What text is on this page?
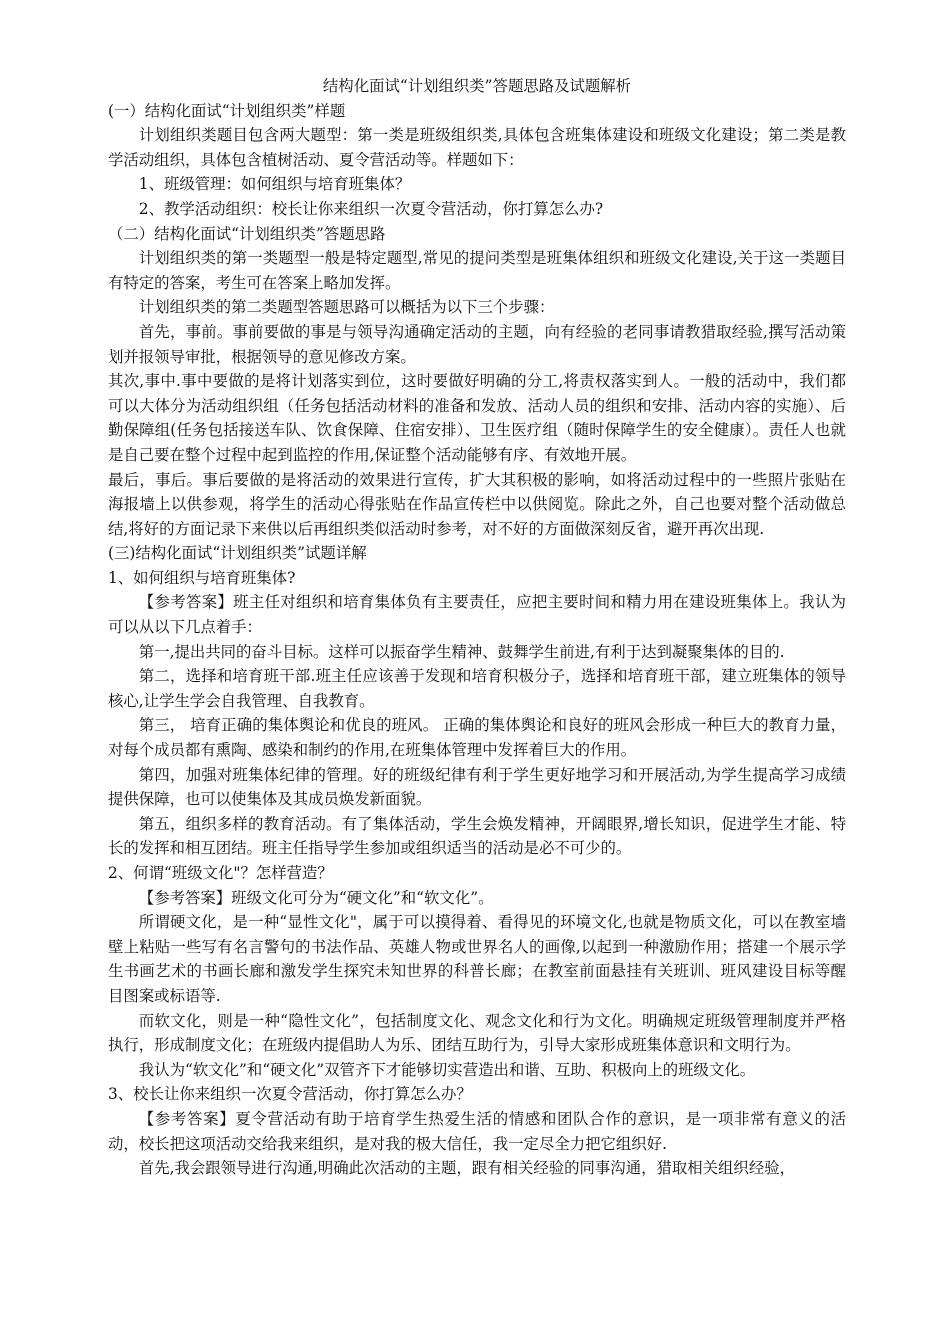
结构化面试“计划组织类”答题思路及试题解析

(一）结构化面试“计划组织类”样题

计划组织类题目包含两大题型：第一类是班级组织类,具体包含班集体建设和班级文化建设；第二类是教学活动组织，具体包含植树活动、夏令营活动等。样题如下：

1、班级管理：如何组织与培育班集体？

2、教学活动组织：校长让你来组织一次夏令营活动，你打算怎么办?

（二）结构化面试“计划组织类”答题思路

计划组织类的第一类题型一般是特定题型,常见的提问类型是班集体组织和班级文化建设,关于这一类题目有特定的答案，考生可在答案上略加发挥。

计划组织类的第二类题型答题思路可以概括为以下三个步骤：

首先，事前。事前要做的事是与领导沟通确定活动的主题，向有经验的老同事请教猎取经验,撰写活动策划并报领导审批，根据领导的意见修改方案。

其次,事中.事中要做的是将计划落实到位，这时要做好明确的分工,将责权落实到人。一般的活动中，我们都可以大体分为活动组织组（任务包括活动材料的准备和发放、活动人员的组织和安排、活动内容的实施）、后勤保障组(任务包括接送车队、饮食保障、住宿安排）、卫生医疗组（随时保障学生的安全健康）。责任人也就是自己要在整个过程中起到监控的作用,保证整个活动能够有序、有效地开展。

最后，事后。事后要做的是将活动的效果进行宣传，扩大其积极的影响，如将活动过程中的一些照片张贴在海报墙上以供参观，将学生的活动心得张贴在作品宣传栏中以供阅览。除此之外，自己也要对整个活动做总结,将好的方面记录下来供以后再组织类似活动时参考，对不好的方面做深刻反省，避开再次出现.

(三)结构化面试“计划组织类”试题详解

1、如何组织与培育班集体?

【参考答案】班主任对组织和培育集体负有主要责任，应把主要时间和精力用在建设班集体上。我认为可以从以下几点着手：

第一,提出共同的奋斗目标。这样可以振奋学生精神、鼓舞学生前进,有利于达到凝聚集体的目的.

第二，选择和培育班干部.班主任应该善于发现和培育积极分子，选择和培育班干部，建立班集体的领导核心,让学生学会自我管理、自我教育。

第三， 培育正确的集体舆论和优良的班风。 正确的集体舆论和良好的班风会形成一种巨大的教育力量，对每个成员都有熏陶、感染和制约的作用,在班集体管理中发挥着巨大的作用。

第四，加强对班集体纪律的管理。好的班级纪律有利于学生更好地学习和开展活动,为学生提高学习成绩提供保障，也可以使集体及其成员焕发新面貌。

第五，组织多样的教育活动。有了集体活动，学生会焕发精神，开阔眼界,增长知识，促进学生才能、特长的发挥和相互团结。班主任指导学生参加或组织适当的活动是必不可少的。

2、何谓“班级文化"？怎样营造？

【参考答案】班级文化可分为“硬文化”和“软文化”。

所谓硬文化，是一种“显性文化"，属于可以摸得着、看得见的环境文化,也就是物质文化，可以在教室墙壁上粘贴一些写有名言警句的书法作品、英雄人物或世界名人的画像,以起到一种激励作用；搭建一个展示学生书画艺术的书画长廊和激发学生探究未知世界的科普长廊；在教室前面悬挂有关班训、班风建设目标等醒目图案或标语等.

而软文化，则是一种“隐性文化”，包括制度文化、观念文化和行为文化。明确规定班级管理制度并严格执行，形成制度文化；在班级内提倡助人为乐、团结互助行为，引导大家形成班集体意识和文明行为。

我认为“软文化”和“硬文化”双管齐下才能够切实营造出和谐、互助、积极向上的班级文化。

3、校长让你来组织一次夏令营活动，你打算怎么办？

【参考答案】夏令营活动有助于培育学生热爱生活的情感和团队合作的意识，是一项非常有意义的活动，校长把这项活动交给我来组织，是对我的极大信任，我一定尽全力把它组织好.

首先,我会跟领导进行沟通,明确此次活动的主题，跟有相关经验的同事沟通，猎取相关组织经验，
